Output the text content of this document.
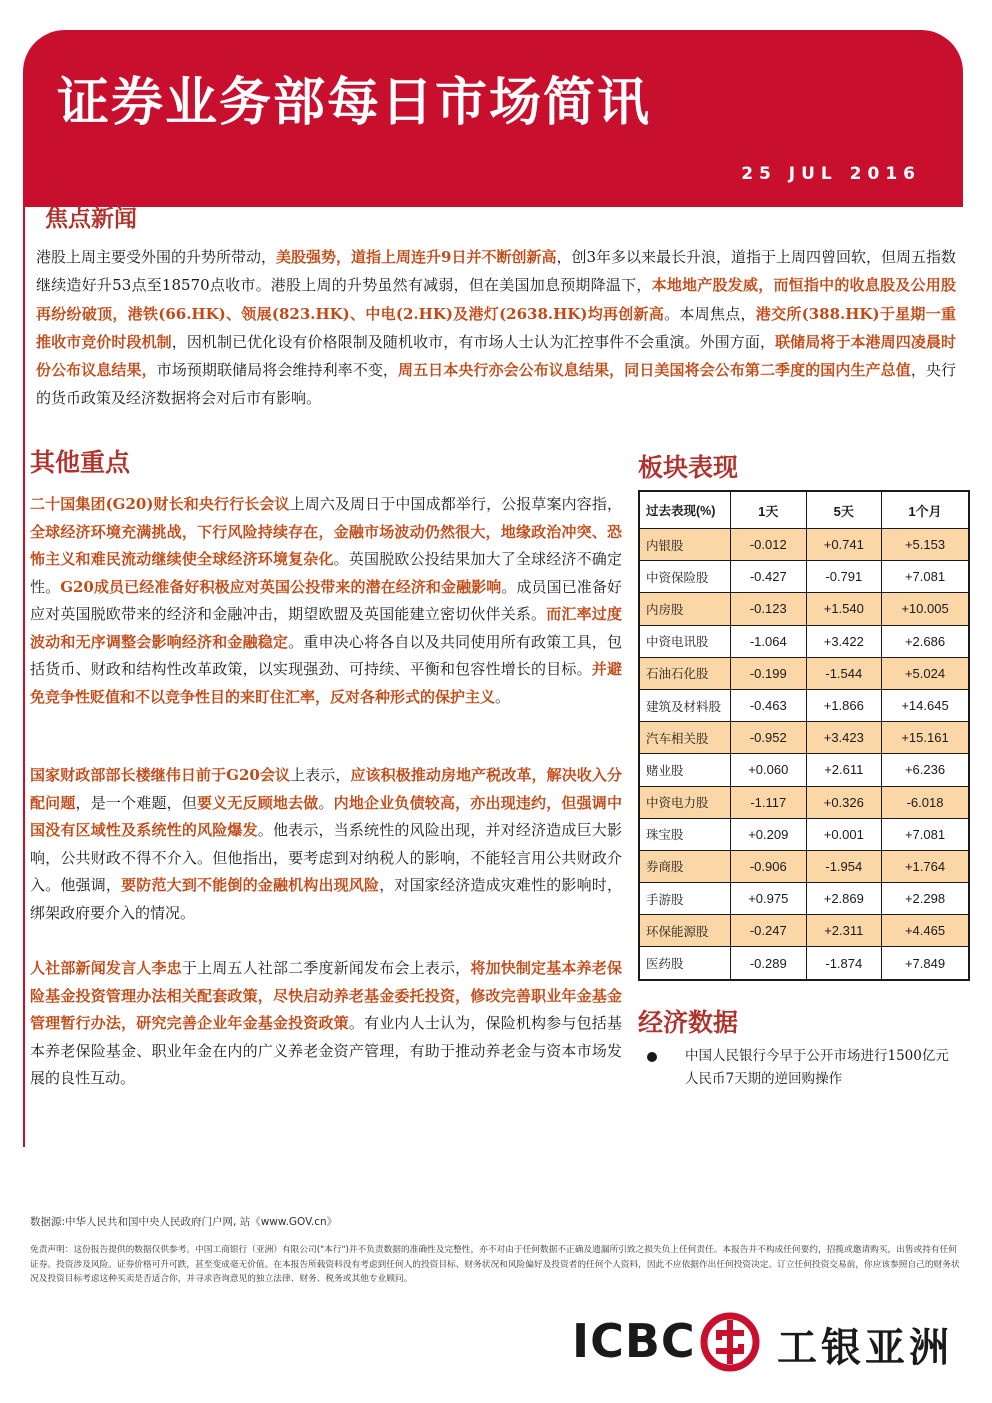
证券业务部每日市场简讯
25 JUL 2016
焦点新闻

港股上周主要受外围的升势所带动，美股强势，道指上周连升9日并不断创新高，创3年多以来最长升浪，道指于上周四曾回软，但周五指数继续造好升53点至18570点收市。港股上周的升势虽然有减弱，但在美国加息预期降温下，本地地产股发威，而恒指中的收息股及公用股再纷纷破顶，港铁(66.HK)、领展(823.HK)、中电(2.HK)及港灯(2638.HK)均再创新高。本周焦点，港交所(388.HK)于星期一重推收市竞价时段机制，因机制已优化设有价格限制及随机收市，有市场人士认为汇控事件不会重演。外围方面，联储局将于本港周四凌晨时份公布议息结果，市场预期联储局将会维持利率不变，周五日本央行亦会公布议息结果，同日美国将会公布第二季度的国内生产总值，央行的货币政策及经济数据将会对后市有影响。

其他重点

二十国集团(G20)财长和央行行长会议上周六及周日于中国成都举行，公报草案内容指，全球经济环境充满挑战，下行风险持续存在，金融市场波动仍然很大，地缘政治冲突、恐怖主义和难民流动继续使全球经济环境复杂化。英国脱欧公投结果加大了全球经济不确定性。G20成员已经准备好积极应对英国公投带来的潜在经济和金融影响。成员国已准备好应对英国脱欧带来的经济和金融冲击，期望欧盟及英国能建立密切伙伴关系。而汇率过度波动和无序调整会影响经济和金融稳定。重申决心将各自以及共同使用所有政策工具，包括货币、财政和结构性改革政策，以实现强劲、可持续、平衡和包容性增长的目标。并避免竞争性贬值和不以竞争性目的来盯住汇率，反对各种形式的保护主义。

国家财政部部长楼继伟日前于G20会议上表示，应该积极推动房地产税改革，解决收入分配问题，是一个难题，但要义无反顾地去做。内地企业负债较高，亦出现违约，但强调中国没有区域性及系统性的风险爆发。他表示，当系统性的风险出现，并对经济造成巨大影响，公共财政不得不介入。但他指出，要考虑到对纳税人的影响，不能轻言用公共财政介入。他强调，要防范大到不能倒的金融机构出现风险，对国家经济造成灾难性的影响时，绑架政府要介入的情况。

人社部新闻发言人李忠于上周五人社部二季度新闻发布会上表示，将加快制定基本养老保险基金投资管理办法相关配套政策，尽快启动养老基金委托投资，修改完善职业年金基金管理暂行办法，研究完善企业年金基金投资政策。有业内人士认为，保险机构参与包括基本养老保险基金、职业年金在内的广义养老金资产管理，有助于推动养老金与资本市场发展的良性互动。

板块表现
过去表现(%)	1天	5天	1个月
内银股	-0.012	+0.741	+5.153
中资保险股	-0.427	-0.791	+7.081
内房股	-0.123	+1.540	+10.005
中资电讯股	-1.064	+3.422	+2.686
石油石化股	-0.199	-1.544	+5.024
建筑及材料股	-0.463	+1.866	+14.645
汽车相关股	-0.952	+3.423	+15.161
赌业股	+0.060	+2.611	+6.236
中资电力股	-1.117	+0.326	-6.018
珠宝股	+0.209	+0.001	+7.081
券商股	-0.906	-1.954	+1.764
手游股	+0.975	+2.869	+2.298
环保能源股	-0.247	+2.311	+4.465
医药股	-0.289	-1.874	+7.849
经济数据
中国人民银行今早于公开市场进行1500亿元人民币7天期的逆回购操作

数据源:中华人民共和国中央人民政府门户网, 站《www.GOV.cn》

免责声明：这份报告提供的数据仅供参考。中国工商银行（亚洲）有限公司("本行")并不负责数据的准确性及完整性，亦不对由于任何数据不正确及遗漏所引致之损失负上任何责任。本报告并不构成任何要约，招揽或邀请购买，出售或持有任何证券。投资涉及风险。证券价格可升可跌，甚至变成毫无价值。在本报告所载资料没有考虑到任何人的投资目标、财务状况和风险偏好及投资者的任何个人资料，因此不应依据作出任何投资决定。订立任何投资交易前，你应该参照自己的财务状况及投资目标考虑这种买卖是否适合你，并寻求咨询意见的独立法律、财务、税务或其他专业顾问。

ICBC 工银亚洲
